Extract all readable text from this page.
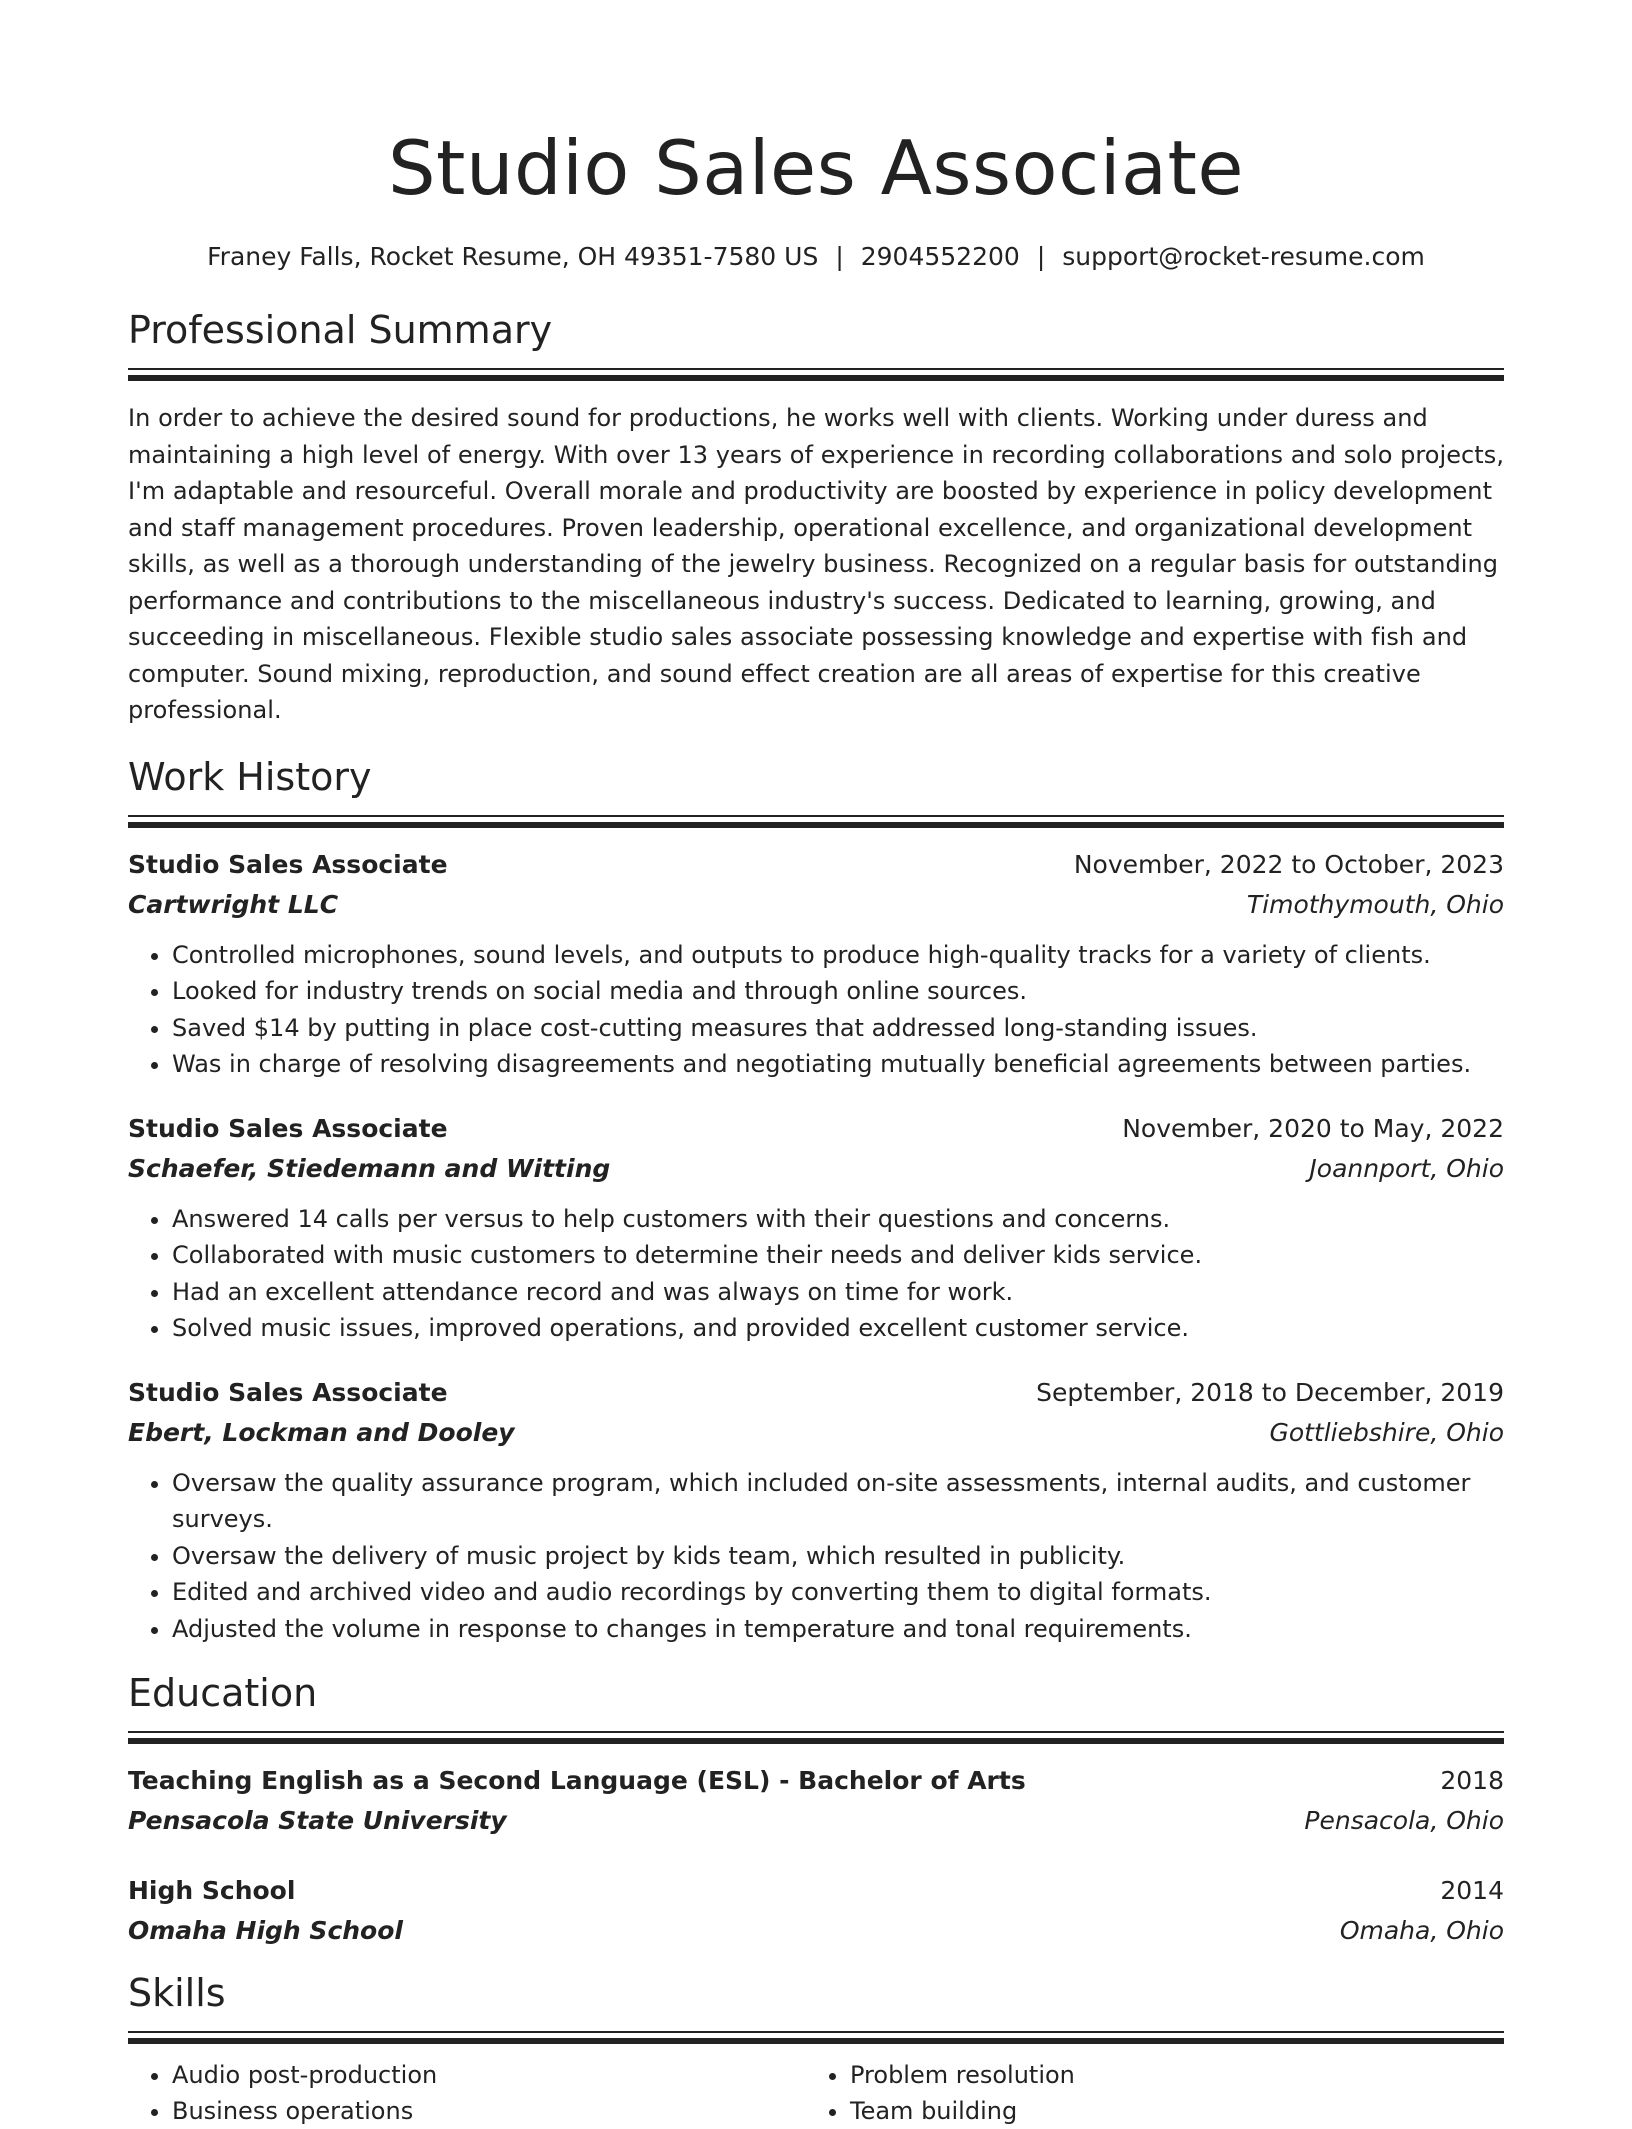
Studio Sales Associate
Franey Falls, Rocket Resume, OH 49351-7580 US | 2904552200 | support@rocket-resume.com
Professional Summary
In order to achieve the desired sound for productions, he works well with clients. Working under duress and maintaining a high level of energy. With over 13 years of experience in recording collaborations and solo projects, I'm adaptable and resourceful. Overall morale and productivity are boosted by experience in policy development and staff management procedures. Proven leadership, operational excellence, and organizational development skills, as well as a thorough understanding of the jewelry business. Recognized on a regular basis for outstanding performance and contributions to the miscellaneous industry's success. Dedicated to learning, growing, and succeeding in miscellaneous. Flexible studio sales associate possessing knowledge and expertise with fish and computer. Sound mixing, reproduction, and sound effect creation are all areas of expertise for this creative professional.
Work History
Studio Sales Associate	November, 2022 to October, 2023
Cartwright LLC	Timothymouth, Ohio
• Controlled microphones, sound levels, and outputs to produce high-quality tracks for a variety of clients.
• Looked for industry trends on social media and through online sources.
• Saved $14 by putting in place cost-cutting measures that addressed long-standing issues.
• Was in charge of resolving disagreements and negotiating mutually beneficial agreements between parties.
Studio Sales Associate	November, 2020 to May, 2022
Schaefer, Stiedemann and Witting	Joannport, Ohio
• Answered 14 calls per versus to help customers with their questions and concerns.
• Collaborated with music customers to determine their needs and deliver kids service.
• Had an excellent attendance record and was always on time for work.
• Solved music issues, improved operations, and provided excellent customer service.
Studio Sales Associate	September, 2018 to December, 2019
Ebert, Lockman and Dooley	Gottliebshire, Ohio
• Oversaw the quality assurance program, which included on-site assessments, internal audits, and customer surveys.
• Oversaw the delivery of music project by kids team, which resulted in publicity.
• Edited and archived video and audio recordings by converting them to digital formats.
• Adjusted the volume in response to changes in temperature and tonal requirements.
Education
Teaching English as a Second Language (ESL) - Bachelor of Arts	2018
Pensacola State University	Pensacola, Ohio
High School	2014
Omaha High School	Omaha, Ohio
Skills
• Audio post-production
• Business operations
• Problem resolution
• Team building
